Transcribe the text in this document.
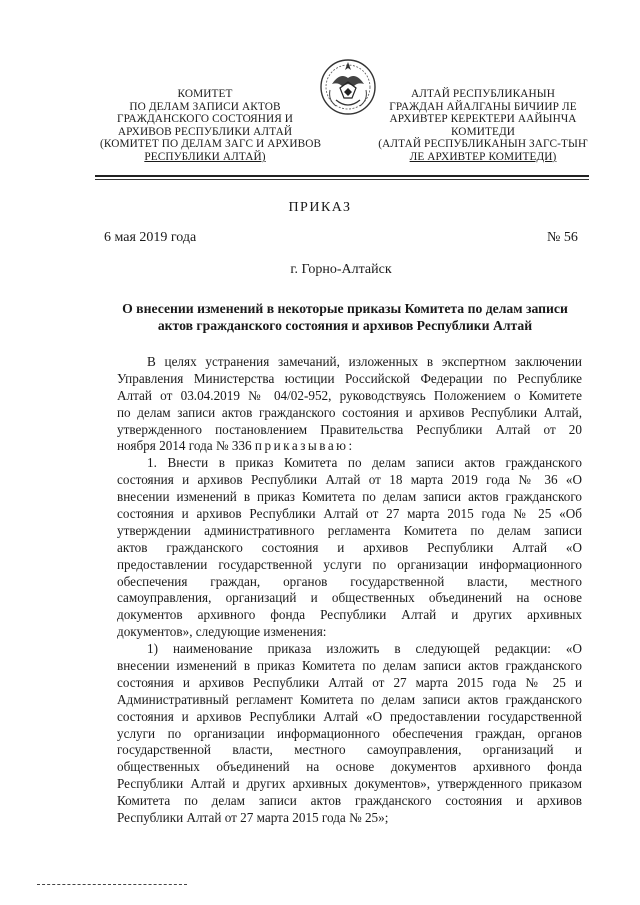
КОМИТЕТ
ПО ДЕЛАМ ЗАПИСИ АКТОВ
ГРАЖДАНСКОГО СОСТОЯНИЯ И
АРХИВОВ РЕСПУБЛИКИ АЛТАЙ
(КОМИТЕТ ПО ДЕЛАМ ЗАГС И АРХИВОВ
РЕСПУБЛИКИ АЛТАЙ)
АЛТАЙ РЕСПУБЛИКАНЫН
ГРАЖДАН АЙАЛГАНЫ БИЧИИР ЛЕ
АРХИВТЕР КЕРЕКТЕРИ ААЙЫНЧА
КОМИТЕДИ
(АЛТАЙ РЕСПУБЛИКАНЫН ЗАГС-ТЫҤ
ЛЕ АРХИВТЕР КОМИТЕДИ)
ПРИКАЗ
6 мая 2019 года	№ 56
г. Горно-Алтайск
О внесении изменений в некоторые приказы Комитета по делам записи
актов гражданского состояния и архивов Республики Алтай
В целях устранения замечаний, изложенных в экспертном заключении
Управления Министерства юстиции Российской Федерации по Республике
Алтай от 03.04.2019 № 04/02-952, руководствуясь Положением о Комитете
по делам записи актов гражданского состояния и архивов Республики Алтай,
утвержденного постановлением Правительства Республики Алтай от 20
ноября 2014 года № 336 приказываю:
1. Внести в приказ Комитета по делам записи актов гражданского
состояния и архивов Республики Алтай от 18 марта 2019 года № 36 «О
внесении изменений в приказ Комитета по делам записи актов гражданского
состояния и архивов Республики Алтай от 27 марта 2015 года № 25 «Об
утверждении административного регламента Комитета по делам записи
актов гражданского состояния и архивов Республики Алтай «О
предоставлении государственной услуги по организации информационного
обеспечения граждан, органов государственной власти, местного
самоуправления, организаций и общественных объединений на основе
документов архивного фонда Республики Алтай и других архивных
документов», следующие изменения:
1) наименование приказа изложить в следующей редакции: «О
внесении изменений в приказ Комитета по делам записи актов гражданского
состояния и архивов Республики Алтай от 27 марта 2015 года № 25 и
Административный регламент Комитета по делам записи актов гражданского
состояния и архивов Республики Алтай «О предоставлении государственной
услуги по организации информационного обеспечения граждан, органов
государственной власти, местного самоуправления, организаций и
общественных объединений на основе документов архивного фонда
Республики Алтай и других архивных документов», утвержденного приказом
Комитета по делам записи актов гражданского состояния и архивов
Республики Алтай от 27 марта 2015 года № 25»;
